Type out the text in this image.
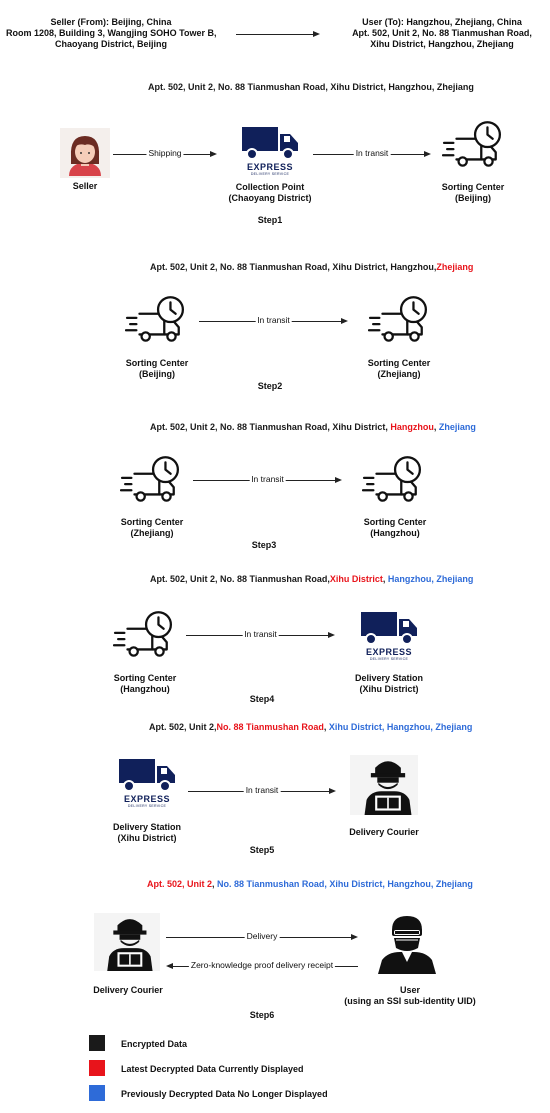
Seller (From): Beijing, China
Room 1208, Building 3, Wangjing SOHO Tower B,
Chaoyang District, Beijing
User (To): Hangzhou, Zhejiang, China
Apt. 502, Unit 2, No. 88 Tianmushan Road,
Xihu District, Hangzhou, Zhejiang
Apt. 502, Unit 2, No. 88 Tianmushan Road, Xihu District, Hangzhou, Zhejiang
Seller
Shipping
EXPRESS
DELIVERY SERVICE
Collection Point
(Chaoyang District)
In transit
Sorting Center
(Beijing)
Step1
Apt. 502, Unit 2, No. 88 Tianmushan Road, Xihu District, Hangzhou,Zhejiang
Sorting Center
(Beijing)
In transit
Sorting Center
(Zhejiang)
Step2
Apt. 502, Unit 2, No. 88 Tianmushan Road, Xihu District, Hangzhou, Zhejiang
Sorting Center
(Zhejiang)
In transit
Sorting Center
(Hangzhou)
Step3
Apt. 502, Unit 2, No. 88 Tianmushan Road,Xihu District, Hangzhou, Zhejiang
Sorting Center
(Hangzhou)
In transit
EXPRESS
DELIVERY SERVICE
Delivery Station
(Xihu District)
Step4
Apt. 502, Unit 2,No. 88 Tianmushan Road, Xihu District, Hangzhou, Zhejiang
EXPRESS
DELIVERY SERVICE
Delivery Station
(Xihu District)
In transit
Delivery Courier
Step5
Apt. 502, Unit 2, No. 88 Tianmushan Road, Xihu District, Hangzhou, Zhejiang
Delivery Courier
Delivery
Zero-knowledge proof delivery receipt
User
(using an SSI sub-identity UID)
Step6
Encrypted Data
Latest Decrypted Data Currently Displayed
Previously Decrypted Data No Longer Displayed
